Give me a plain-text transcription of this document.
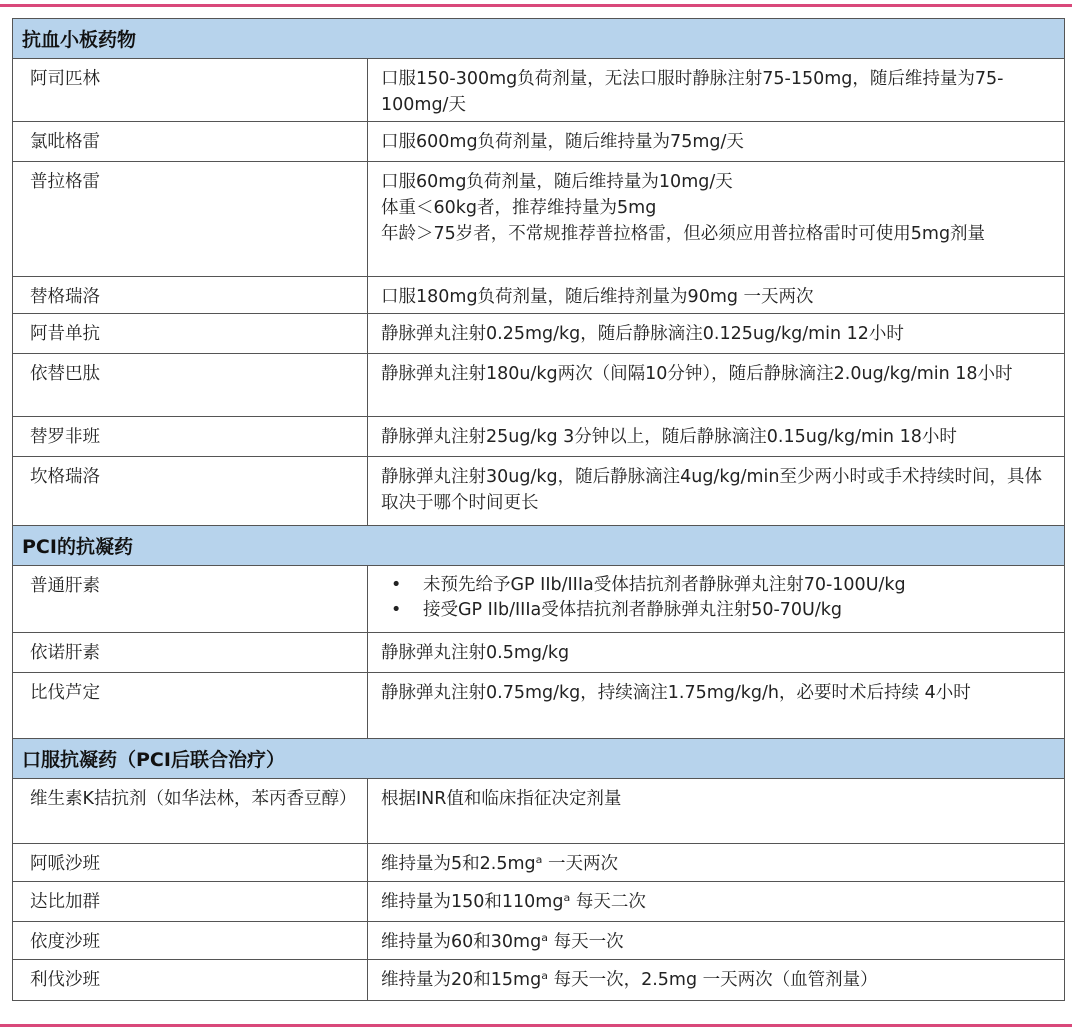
抗血小板药物
阿司匹林	口服150-300mg负荷剂量，无法口服时静脉注射75-150mg，随后维持量为75-100mg/天
氯吡格雷	口服600mg负荷剂量，随后维持量为75mg/天
普拉格雷	口服60mg负荷剂量，随后维持量为10mg/天
体重＜60kg者，推荐维持量为5mg
年龄＞75岁者，不常规推荐普拉格雷，但必须应用普拉格雷时可使用5mg剂量
替格瑞洛	口服180mg负荷剂量，随后维持剂量为90mg 一天两次
阿昔单抗	静脉弹丸注射0.25mg/kg，随后静脉滴注0.125ug/kg/min 12小时
依替巴肽	静脉弹丸注射180u/kg两次（间隔10分钟），随后静脉滴注2.0ug/kg/min 18小时
替罗非班	静脉弹丸注射25ug/kg 3分钟以上，随后静脉滴注0.15ug/kg/min 18小时
坎格瑞洛	静脉弹丸注射30ug/kg，随后静脉滴注4ug/kg/min至少两小时或手术持续时间，具体取决于哪个时间更长
PCI的抗凝药
普通肝素
•	未预先给予GP IIb/IIIa受体拮抗剂者静脉弹丸注射70-100U/kg
• 接受GP IIb/IIIa受体拮抗剂者静脉弹丸注射50-70U/kg
依诺肝素	静脉弹丸注射0.5mg/kg
比伐芦定	静脉弹丸注射0.75mg/kg，持续滴注1.75mg/kg/h，必要时术后持续 4小时
口服抗凝药（PCI后联合治疗）
维生素K拮抗剂（如华法林，苯丙香豆醇）	根据INR值和临床指征决定剂量
阿哌沙班	维持量为5和2.5mgᵃ 一天两次
达比加群	维持量为150和110mgᵃ 每天二次
依度沙班	维持量为60和30mgᵃ 每天一次
利伐沙班	维持量为20和15mgᵃ 每天一次，2.5mg 一天两次（血管剂量）
